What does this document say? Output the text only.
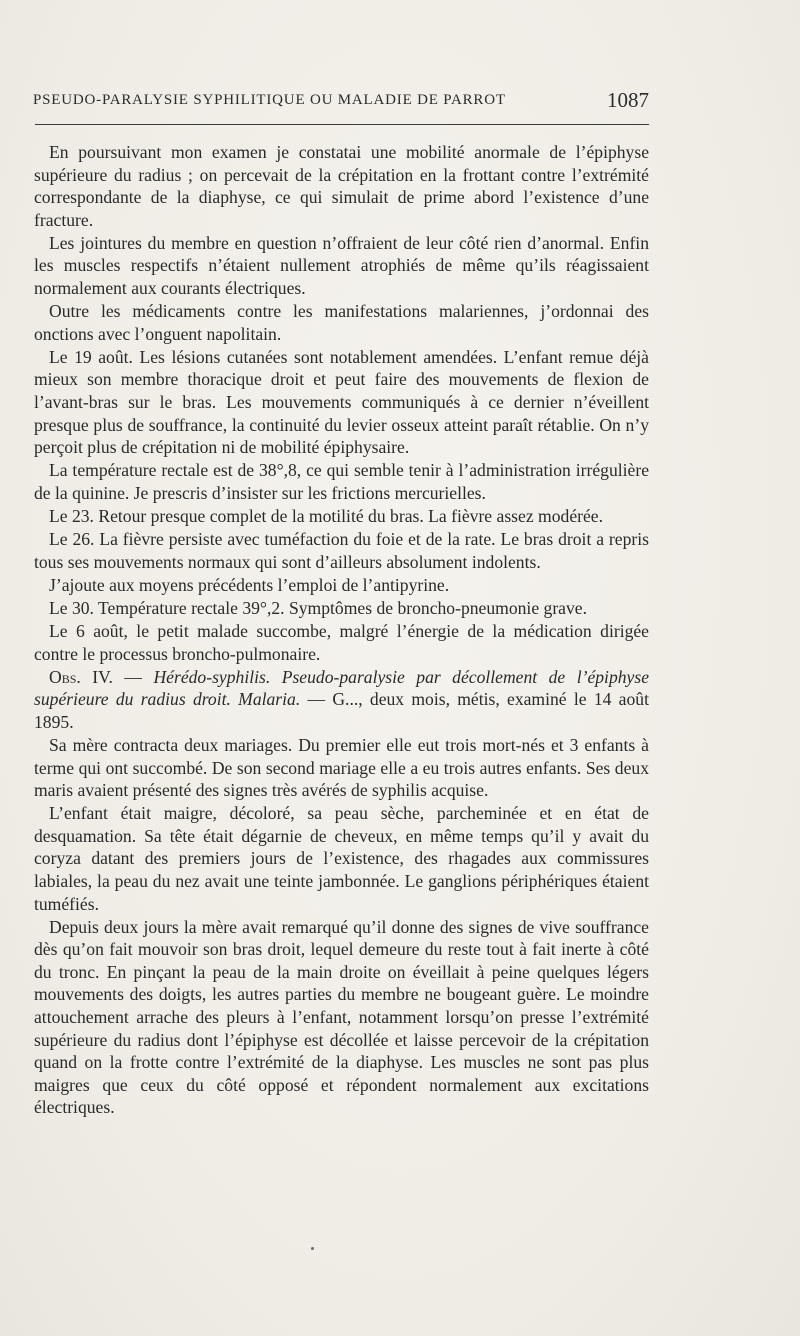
PSEUDO-PARALYSIE SYPHILITIQUE OU MALADIE DE PARROT	1087

En poursuivant mon examen je constatai une mobilité anormale de l’épiphyse supérieure du radius ; on percevait de la crépitation en la frottant contre l’extrémité correspondante de la diaphyse, ce qui simulait de prime abord l’existence d’une fracture.

Les jointures du membre en question n’offraient de leur côté rien d’anormal. Enfin les muscles respectifs n’étaient nullement atrophiés de même qu’ils réagissaient normalement aux courants électriques.

Outre les médicaments contre les manifestations malariennes, j’ordonnai des onctions avec l’onguent napolitain.

Le 19 août. Les lésions cutanées sont notablement amendées. L’enfant remue déjà mieux son membre thoracique droit et peut faire des mouvements de flexion de l’avant-bras sur le bras. Les mouvements communiqués à ce dernier n’éveillent presque plus de souffrance, la continuité du levier osseux atteint paraît rétablie. On n’y perçoit plus de crépitation ni de mobilité épiphysaire.

La température rectale est de 38°,8, ce qui semble tenir à l’administration irrégulière de la quinine. Je prescris d’insister sur les frictions mercurielles.

Le 23. Retour presque complet de la motilité du bras. La fièvre assez modérée.

Le 26. La fièvre persiste avec tuméfaction du foie et de la rate. Le bras droit a repris tous ses mouvements normaux qui sont d’ailleurs absolument indolents.

J’ajoute aux moyens précédents l’emploi de l’antipyrine.

Le 30. Température rectale 39°,2. Symptômes de broncho-pneumonie grave.

Le 6 août, le petit malade succombe, malgré l’énergie de la médication dirigée contre le processus broncho-pulmonaire.

Obs. IV. — Hérédo-syphilis. Pseudo-paralysie par décollement de l’épiphyse supérieure du radius droit. Malaria. — G..., deux mois, métis, examiné le 14 août 1895.

Sa mère contracta deux mariages. Du premier elle eut trois mort-nés et 3 enfants à terme qui ont succombé. De son second mariage elle a eu trois autres enfants. Ses deux maris avaient présenté des signes très avérés de syphilis acquise.

L’enfant était maigre, décoloré, sa peau sèche, parcheminée et en état de desquamation. Sa tête était dégarnie de cheveux, en même temps qu’il y avait du coryza datant des premiers jours de l’existence, des rhagades aux commissures labiales, la peau du nez avait une teinte jambonnée. Le ganglions périphériques étaient tuméfiés.

Depuis deux jours la mère avait remarqué qu’il donne des signes de vive souffrance dès qu’on fait mouvoir son bras droit, lequel demeure du reste tout à fait inerte à côté du tronc. En pinçant la peau de la main droite on éveillait à peine quelques légers mouvements des doigts, les autres parties du membre ne bougeant guère. Le moindre attouchement arrache des pleurs à l’enfant, notamment lorsqu’on presse l’extrémité supérieure du radius dont l’épiphyse est décollée et laisse percevoir de la crépitation quand on la frotte contre l’extrémité de la diaphyse. Les muscles ne sont pas plus maigres que ceux du côté opposé et répondent normalement aux excitations électriques.
